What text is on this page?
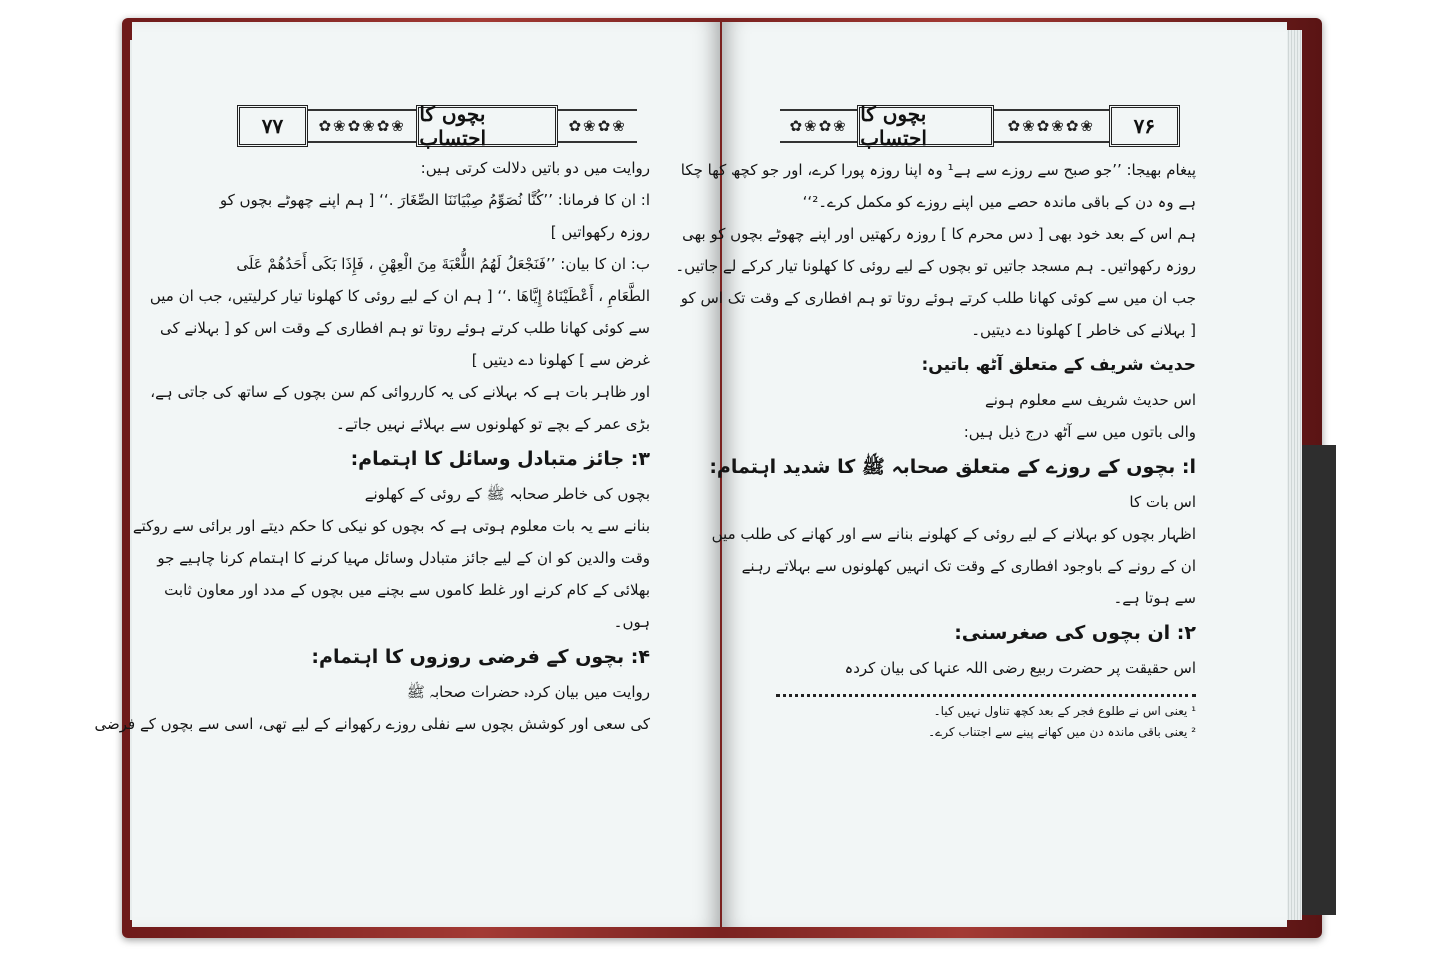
۷۷	✿❀✿❀✿❀ بچوں کا احتساب	✿❀✿❀
روایت میں دو باتیں دلالت کرتی ہیں:
ا: ان کا فرمانا: ’’کُنَّا نُصَوِّمُ صِبْیَانَنَا الصِّغَارَ .‘‘ [ ہم اپنے چھوٹے بچوں کو
روزہ رکھواتیں ]
ب: ان کا بیان: ’’فَنَجْعَلُ لَهُمُ اللُّعْبَةَ مِنَ الْعِهْنِ ، فَإِذَا بَکَی أَحَدُهُمْ عَلَی
الطَّعَامِ ، أَعْطَیْنَاهُ إِیَّاهَا .‘‘ [ ہم ان کے لیے روئی کا کھلونا تیار کرلیتیں، جب ان میں
سے کوئی کھانا طلب کرتے ہوئے روتا تو ہم افطاری کے وقت اس کو [ بہلانے کی
غرض سے ] کھلونا دے دیتیں ]
اور ظاہر بات ہے کہ بہلانے کی یہ کارروائی کم سن بچوں کے ساتھ کی جاتی ہے،
بڑی عمر کے بچے تو کھلونوں سے بہلائے نہیں جاتے۔
۳: جائز متبادل وسائل کا اہتمام:
بچوں کی خاطر صحابہ ﷺ کے روئی کے کھلونے
بنانے سے یہ بات معلوم ہوتی ہے کہ بچوں کو نیکی کا حکم دیتے اور برائی سے روکتے
وقت والدین کو ان کے لیے جائز متبادل وسائل مہیا کرنے کا اہتمام کرنا چاہیے جو
بھلائی کے کام کرنے اور غلط کاموں سے بچنے میں بچوں کے مدد اور معاون ثابت
ہوں۔
۴: بچوں کے فرضی روزوں کا اہتمام:
روایت میں بیان کردہ حضرات صحابہ ﷺ
کی سعی اور کوشش بچوں سے نفلی روزے رکھوانے کے لیے تھی، اسی سے بچوں کے فرضی
✿❀✿❀ بچوں کا احتساب	✿❀✿❀✿❀	۷۶
پیغام بھیجا: ’’جو صبح سے روزے سے ہے¹ وہ اپنا روزہ پورا کرے، اور جو کچھ کھا چکا
ہے وہ دن کے باقی ماندہ حصے میں اپنے روزے کو مکمل کرے۔²‘‘
ہم اس کے بعد خود بھی [ دس محرم کا ] روزہ رکھتیں اور اپنے چھوٹے بچوں کو بھی
روزہ رکھواتیں۔ ہم مسجد جاتیں تو بچوں کے لیے روئی کا کھلونا تیار کرکے لے جاتیں۔
جب ان میں سے کوئی کھانا طلب کرتے ہوئے روتا تو ہم افطاری کے وقت تک اس کو
[ بہلانے کی خاطر ] کھلونا دے دیتیں۔
حدیث شریف کے متعلق آٹھ باتیں:
اس حدیث شریف سے معلوم ہونے
والی باتوں میں سے آٹھ درج ذیل ہیں:
ا: بچوں کے روزے کے متعلق صحابہ ﷺ کا شدید اہتمام:
اس بات کا
اظہار بچوں کو بہلانے کے لیے روئی کے کھلونے بنانے سے اور کھانے کی طلب میں
ان کے رونے کے باوجود افطاری کے وقت تک انہیں کھلونوں سے بہلاتے رہنے
سے ہوتا ہے۔
۲: ان بچوں کی صغرسنی:
اس حقیقت پر حضرت ربیع رضی اللہ عنہا کی بیان کردہ
¹ یعنی اس نے طلوع فجر کے بعد کچھ تناول نہیں کیا۔
² یعنی باقی ماندہ دن میں کھانے پینے سے اجتناب کرے۔
